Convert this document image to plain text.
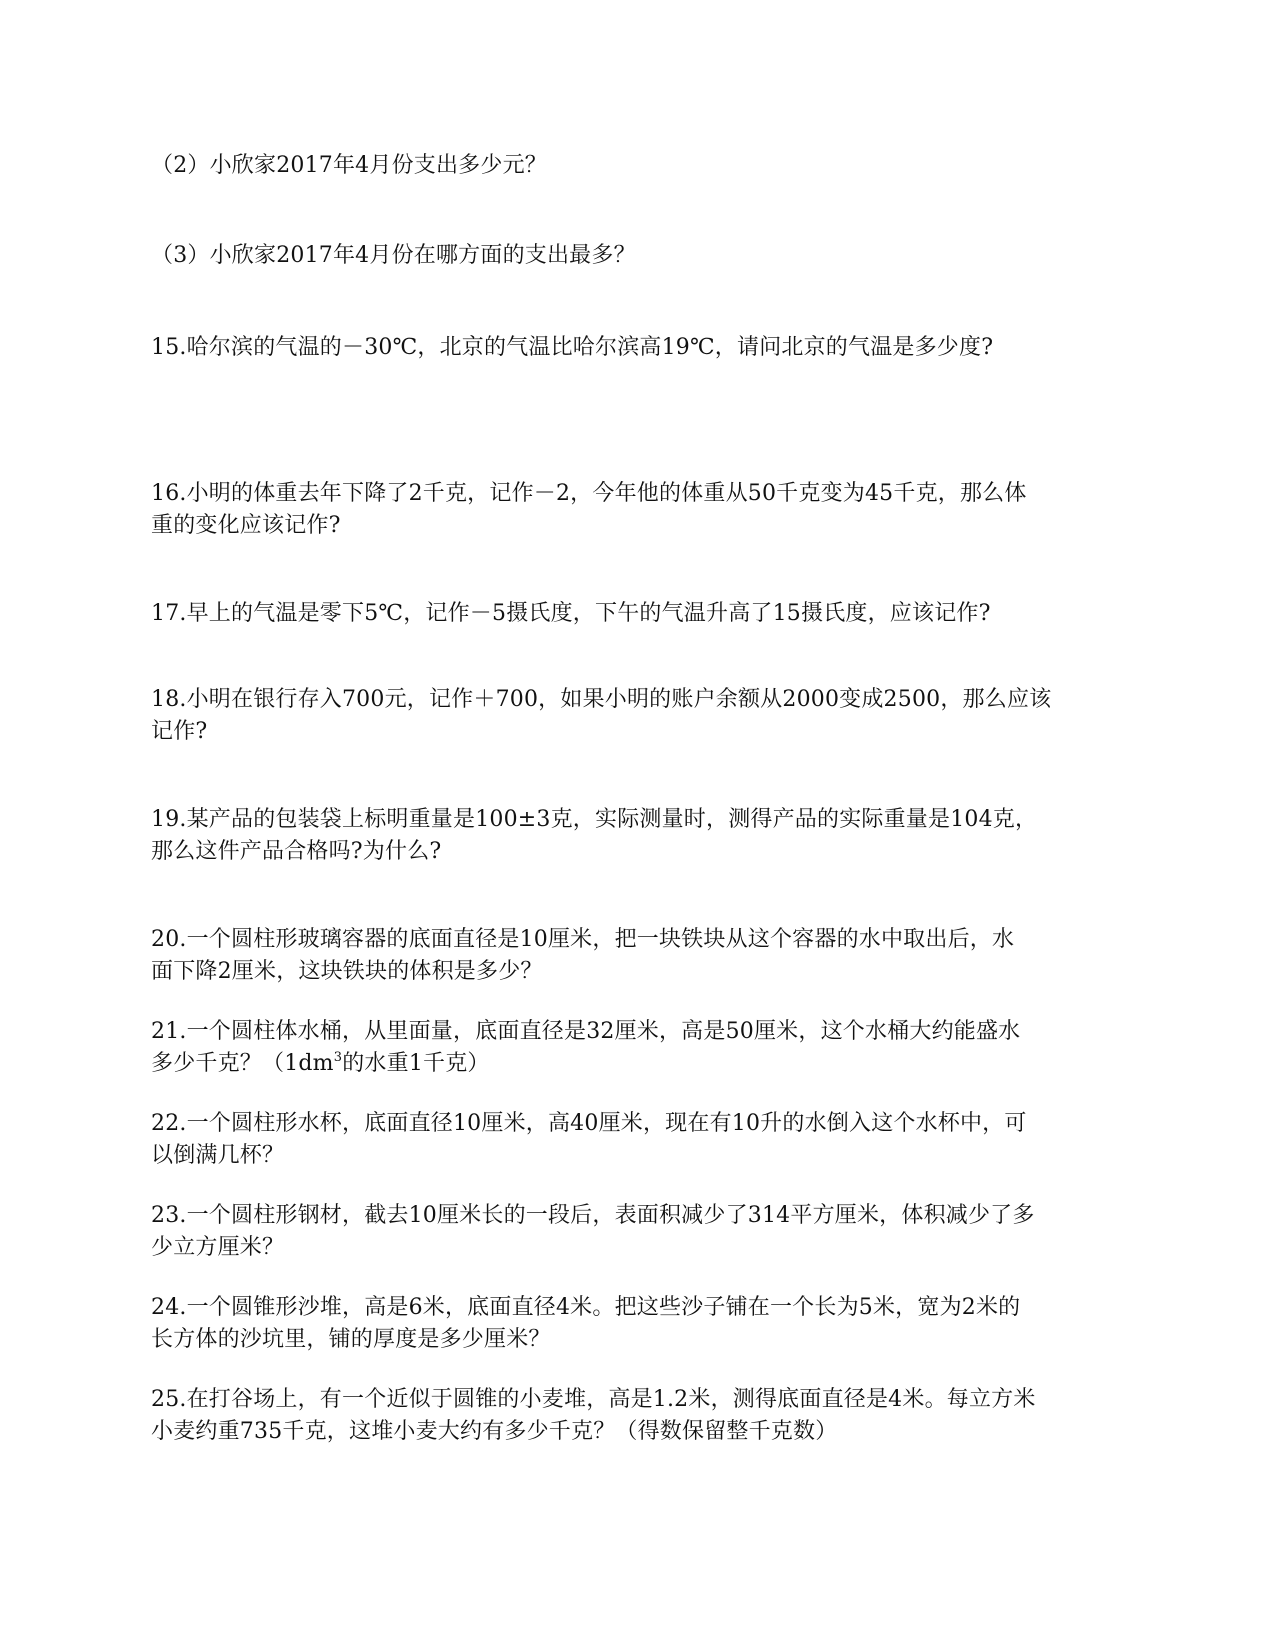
（2）小欣家2017年4月份支出多少元？
（3）小欣家2017年4月份在哪方面的支出最多？
15.哈尔滨的气温的－30℃，北京的气温比哈尔滨高19℃，请问北京的气温是多少度?
16.小明的体重去年下降了2千克，记作－2，今年他的体重从50千克变为45千克，那么体
重的变化应该记作?
17.早上的气温是零下5℃，记作－5摄氏度，下午的气温升高了15摄氏度，应该记作?
18.小明在银行存入700元，记作＋700，如果小明的账户余额从2000变成2500，那么应该
记作?
19.某产品的包装袋上标明重量是100±3克，实际测量时，测得产品的实际重量是104克，
那么这件产品合格吗?为什么?
20.一个圆柱形玻璃容器的底面直径是10厘米，把一块铁块从这个容器的水中取出后，水
面下降2厘米，这块铁块的体积是多少？
21.一个圆柱体水桶，从里面量，底面直径是32厘米，高是50厘米，这个水桶大约能盛水
多少千克？（$1dm^3$的水重1千克）
22.一个圆柱形水杯，底面直径10厘米，高40厘米，现在有10升的水倒入这个水杯中，可
以倒满几杯？
23.一个圆柱形钢材，截去10厘米长的一段后，表面积减少了314平方厘米，体积减少了多
少立方厘米？
24.一个圆锥形沙堆，高是6米，底面直径4米。把这些沙子铺在一个长为5米，宽为2米的
长方体的沙坑里，铺的厚度是多少厘米？
25.在打谷场上，有一个近似于圆锥的小麦堆，高是1.2米，测得底面直径是4米。每立方米
小麦约重735千克，这堆小麦大约有多少千克？（得数保留整千克数）
